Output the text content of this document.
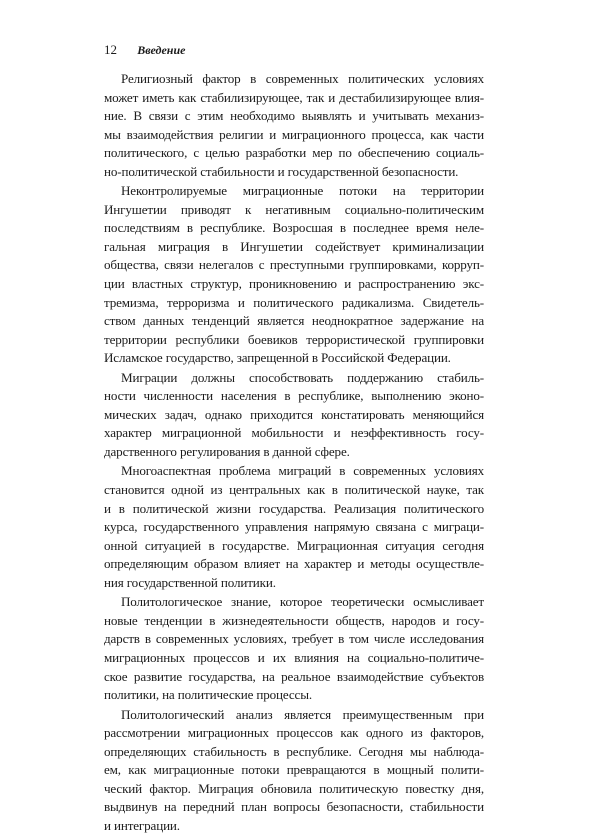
12 Введение
Религиозный фактор в современных политических условиях
может иметь как стабилизирующее, так и дестабилизирующее влия-
ние. В связи с этим необходимо выявлять и учитывать механиз-
мы взаимодействия религии и миграционного процесса, как части
политического, с целью разработки мер по обеспечению социаль-
но-политической стабильности и государственной безопасности.
Неконтролируемые миграционные потоки на территории
Ингушетии приводят к негативным социально-политическим
последствиям в республике. Возросшая в последнее время нелe-
гальная миграция в Ингушетии содействует криминализации
общества, связи нелегалов с преступными группировками, корруп-
ции властных структур, проникновению и распространению экс-
тремизма, терроризма и политического радикализма. Свидетель-
ством данных тенденций является неоднократное задержание на
территории республики боевиков террористической группировки
Исламское государство, запрещенной в Российской Федерации.
Миграции должны способствовать поддержанию стабиль-
ности численности населения в республике, выполнению эконо-
мических задач, однако приходится констатировать меняющийся
характер миграционной мобильности и неэффективность госу-
дарственного регулирования в данной сфере.
Многоаспектная проблема миграций в современных условиях
становится одной из центральных как в политической науке, так
и в политической жизни государства. Реализация политического
курса, государственного управления напрямую связана с миграци-
онной ситуацией в государстве. Миграционная ситуация сегодня
определяющим образом влияет на характер и методы осуществле-
ния государственной политики.
Политологическое знание, которое теоретически осмысливает
новые тенденции в жизнедеятельности обществ, народов и госу-
дарств в современных условиях, требует в том числе исследования
миграционных процессов и их влияния на социально-политиче-
ское развитие государства, на реальное взаимодействие субъектов
политики, на политические процессы.
Политологический анализ является преимущественным при
рассмотрении миграционных процессов как одного из факторов,
определяющих стабильность в республике. Сегодня мы наблюда-
ем, как миграционные потоки превращаются в мощный полити-
ческий фактор. Миграция обновила политическую повестку дня,
выдвинув на передний план вопросы безопасности, стабильности
и интеграции.
